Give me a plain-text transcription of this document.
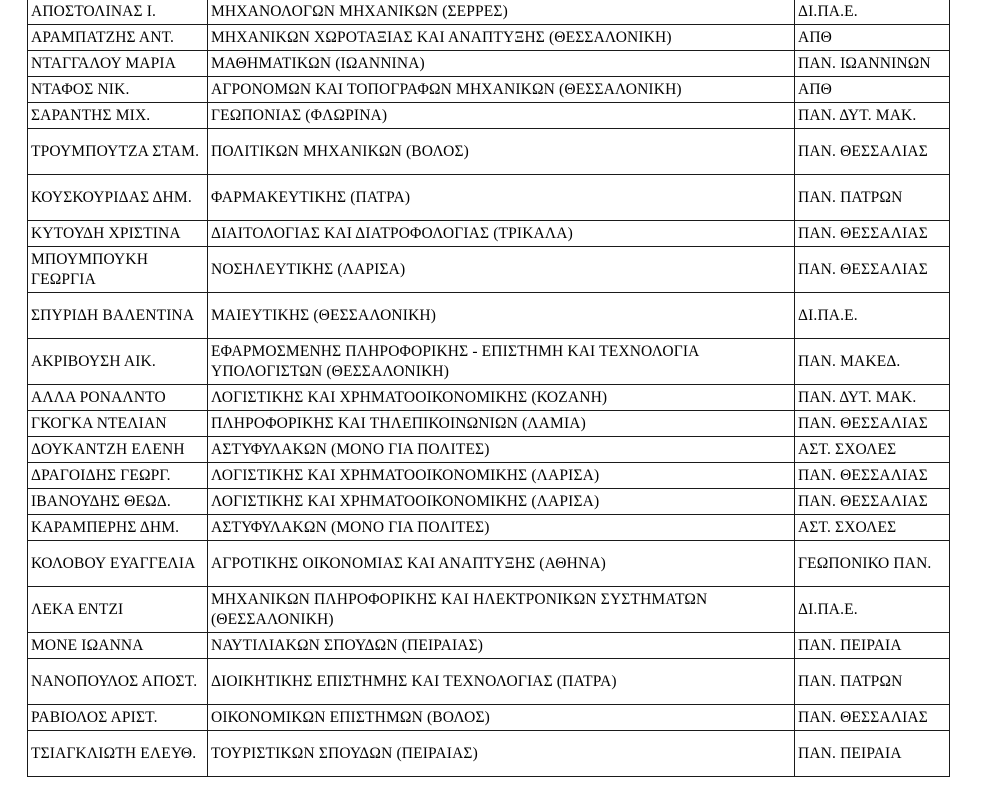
ΑΠΟΣΤΟΛΙΝΑΣ Ι.	ΜΗΧΑΝΟΛΟΓΩΝ ΜΗΧΑΝΙΚΩΝ (ΣΕΡΡΕΣ)	ΔΙ.ΠΑ.Ε.
ΑΡΑΜΠΑΤΖΗΣ ΑΝΤ.	ΜΗΧΑΝΙΚΩΝ ΧΩΡΟΤΑΞΙΑΣ ΚΑΙ ΑΝΑΠΤΥΞΗΣ (ΘΕΣΣΑΛΟΝΙΚΗ)	ΑΠΘ
ΝΤΑΓΓΑΛΟΥ ΜΑΡΙΑ	ΜΑΘΗΜΑΤΙΚΩΝ (ΙΩΑΝΝΙΝΑ)	ΠΑΝ. ΙΩΑΝΝΙΝΩΝ
ΝΤΑΦΟΣ ΝΙΚ.	ΑΓΡΟΝΟΜΩΝ ΚΑΙ ΤΟΠΟΓΡΑΦΩΝ ΜΗΧΑΝΙΚΩΝ (ΘΕΣΣΑΛΟΝΙΚΗ)	ΑΠΘ
ΣΑΡΑΝΤΗΣ ΜΙΧ.	ΓΕΩΠΟΝΙΑΣ (ΦΛΩΡΙΝΑ)	ΠΑΝ. ΔΥΤ. ΜΑΚ.
ΤΡΟΥΜΠΟΥΤΖΑ ΣΤΑΜ.	ΠΟΛΙΤΙΚΩΝ ΜΗΧΑΝΙΚΩΝ (ΒΟΛΟΣ)	ΠΑΝ. ΘΕΣΣΑΛΙΑΣ
ΚΟΥΣΚΟΥΡΙΔΑΣ ΔΗΜ.	ΦΑΡΜΑΚΕΥΤΙΚΗΣ (ΠΑΤΡΑ)	ΠΑΝ. ΠΑΤΡΩΝ
ΚΥΤΟΥΔΗ ΧΡΙΣΤΙΝΑ	ΔΙΑΙΤΟΛΟΓΙΑΣ ΚΑΙ ΔΙΑΤΡΟΦΟΛΟΓΙΑΣ (ΤΡΙΚΑΛΑ)	ΠΑΝ. ΘΕΣΣΑΛΙΑΣ
ΜΠΟΥΜΠΟΥΚΗ ΓΕΩΡΓΙΑ	ΝΟΣΗΛΕΥΤΙΚΗΣ (ΛΑΡΙΣΑ)	ΠΑΝ. ΘΕΣΣΑΛΙΑΣ
ΣΠΥΡΙΔΗ ΒΑΛΕΝΤΙΝΑ	ΜΑΙΕΥΤΙΚΗΣ (ΘΕΣΣΑΛΟΝΙΚΗ)	ΔΙ.ΠΑ.Ε.
ΑΚΡΙΒΟΥΣΗ ΑΙΚ.	ΕΦΑΡΜΟΣΜΕΝΗΣ ΠΛΗΡΟΦΟΡΙΚΗΣ - ΕΠΙΣΤΗΜΗ ΚΑΙ ΤΕΧΝΟΛΟΓΙΑ ΥΠΟΛΟΓΙΣΤΩΝ (ΘΕΣΣΑΛΟΝΙΚΗ)	ΠΑΝ. ΜΑΚΕΔ.
ΑΛΛΑ ΡΟΝΑΛΝΤΟ	ΛΟΓΙΣΤΙΚΗΣ ΚΑΙ ΧΡΗΜΑΤΟΟΙΚΟΝΟΜΙΚΗΣ (ΚΟΖΑΝΗ)	ΠΑΝ. ΔΥΤ. ΜΑΚ.
ΓΚΟΓΚΑ ΝΤΕΛΙΑΝ	ΠΛΗΡΟΦΟΡΙΚΗΣ ΚΑΙ ΤΗΛΕΠΙΚΟΙΝΩΝΙΩΝ (ΛΑΜΙΑ)	ΠΑΝ. ΘΕΣΣΑΛΙΑΣ
ΔΟΥΚΑΝΤΖΗ ΕΛΕΝΗ	ΑΣΤΥΦΥΛΑΚΩΝ (ΜΟΝΟ ΓΙΑ ΠΟΛΙΤΕΣ)	ΑΣΤ. ΣΧΟΛΕΣ
ΔΡΑΓΟΙΔΗΣ ΓΕΩΡΓ.	ΛΟΓΙΣΤΙΚΗΣ ΚΑΙ ΧΡΗΜΑΤΟΟΙΚΟΝΟΜΙΚΗΣ (ΛΑΡΙΣΑ)	ΠΑΝ. ΘΕΣΣΑΛΙΑΣ
ΙΒΑΝΟΥΔΗΣ ΘΕΩΔ.	ΛΟΓΙΣΤΙΚΗΣ ΚΑΙ ΧΡΗΜΑΤΟΟΙΚΟΝΟΜΙΚΗΣ (ΛΑΡΙΣΑ)	ΠΑΝ. ΘΕΣΣΑΛΙΑΣ
ΚΑΡΑΜΠΕΡΗΣ ΔΗΜ.	ΑΣΤΥΦΥΛΑΚΩΝ (ΜΟΝΟ ΓΙΑ ΠΟΛΙΤΕΣ)	ΑΣΤ. ΣΧΟΛΕΣ
ΚΟΛΟΒΟΥ ΕΥΑΓΓΕΛΙΑ	ΑΓΡΟΤΙΚΗΣ ΟΙΚΟΝΟΜΙΑΣ ΚΑΙ ΑΝΑΠΤΥΞΗΣ (ΑΘΗΝΑ)	ΓΕΩΠΟΝΙΚΟ ΠΑΝ.
ΛΕΚΑ ΕΝΤΖΙ	ΜΗΧΑΝΙΚΩΝ ΠΛΗΡΟΦΟΡΙΚΗΣ ΚΑΙ ΗΛΕΚΤΡΟΝΙΚΩΝ ΣΥΣΤΗΜΑΤΩΝ (ΘΕΣΣΑΛΟΝΙΚΗ)	ΔΙ.ΠΑ.Ε.
ΜΟΝΕ ΙΩΑΝΝΑ	ΝΑΥΤΙΛΙΑΚΩΝ ΣΠΟΥΔΩΝ (ΠΕΙΡΑΙΑΣ)	ΠΑΝ. ΠΕΙΡΑΙΑ
ΝΑΝΟΠΟΥΛΟΣ ΑΠΟΣΤ.	ΔΙΟΙΚΗΤΙΚΗΣ ΕΠΙΣΤΗΜΗΣ ΚΑΙ ΤΕΧΝΟΛΟΓΙΑΣ (ΠΑΤΡΑ)	ΠΑΝ. ΠΑΤΡΩΝ
ΡΑΒΙΟΛΟΣ ΑΡΙΣΤ.	ΟΙΚΟΝΟΜΙΚΩΝ ΕΠΙΣΤΗΜΩΝ (ΒΟΛΟΣ)	ΠΑΝ. ΘΕΣΣΑΛΙΑΣ
ΤΣΙΑΓΚΛΙΩΤΗ ΕΛΕΥΘ.	ΤΟΥΡΙΣΤΙΚΩΝ ΣΠΟΥΔΩΝ (ΠΕΙΡΑΙΑΣ)	ΠΑΝ. ΠΕΙΡΑΙΑ
